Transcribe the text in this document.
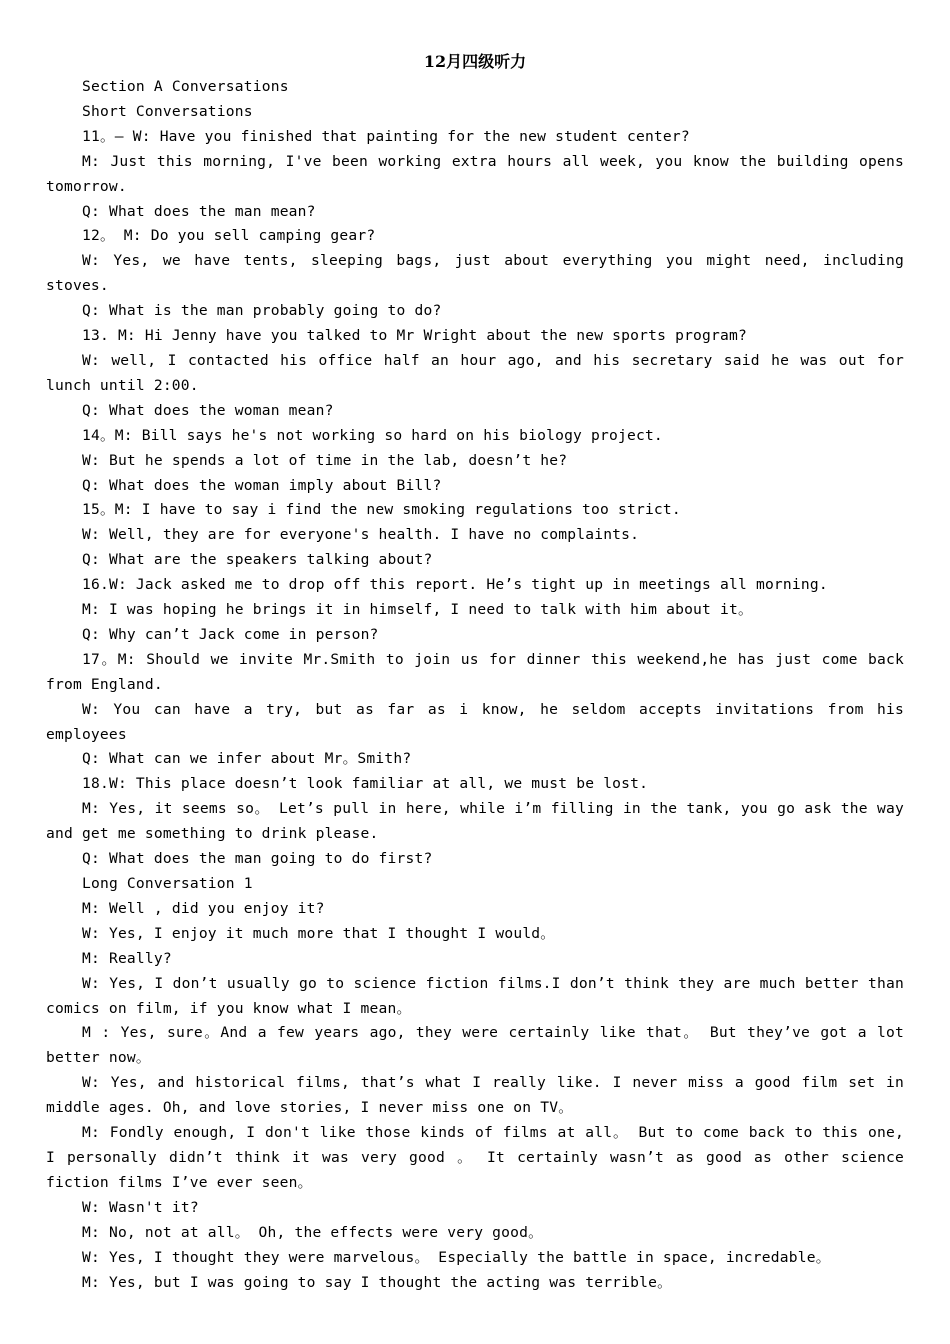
12月四级听力

Section A Conversations

Short Conversations

11。— W: Have you finished that painting for the new student center?

M: Just this morning, I've been working extra hours all week, you know the building opens tomorrow.

Q: What does the man mean?

12。 M: Do you sell camping gear?

W: Yes, we have tents, sleeping bags, just about everything you might need, including stoves.

Q: What is the man probably going to do?

13. M: Hi Jenny have you talked to Mr Wright about the new sports program?

W: well, I contacted his office half an hour ago, and his secretary said he was out for lunch until 2:00.

Q: What does the woman mean?

14。M: Bill says he's not working so hard on his biology project.

W: But he spends a lot of time in the lab, doesn’t he?

Q: What does the woman imply about Bill?

15。M: I have to say i find the new smoking regulations too strict.

W: Well, they are for everyone's health. I have no complaints.

Q: What are the speakers talking about?

16.W: Jack asked me to drop off this report. He’s tight up in meetings all morning.

M: I was hoping he brings it in himself, I need to talk with him about it。

Q: Why can’t Jack come in person?

17。M: Should we invite Mr.Smith to join us for dinner this weekend,he has just come back from England.

W: You can have a try, but as far as i know, he seldom accepts invitations from his employees

Q: What can we infer about Mr。Smith?

18.W: This place doesn’t look familiar at all, we must be lost.

M: Yes, it seems so。 Let’s pull in here, while i’m filling in the tank, you go ask the way and get me something to drink please.

Q: What does the man going to do first?

Long Conversation 1

M: Well , did you enjoy it?

W: Yes, I enjoy it much more that I thought I would。

M: Really?

W: Yes, I don’t usually go to science fiction films.I don’t think they are much better than comics on film, if you know what I mean。

M : Yes, sure。And a few years ago, they were certainly like that。 But they’ve got a lot better now。

W: Yes, and historical films, that’s what I really like. I never miss a good film set in middle ages. Oh, and love stories, I never miss one on TV。

M: Fondly enough, I don't like those kinds of films at all。 But to come back to this one, I personally didn’t think it was very good 。 It certainly wasn’t as good as other science fiction films I’ve ever seen。

W: Wasn't it?

M: No, not at all。 Oh, the effects were very good。

W: Yes, I thought they were marvelous。 Especially the battle in space, incredable。

M: Yes, but I was going to say I thought the acting was terrible。
